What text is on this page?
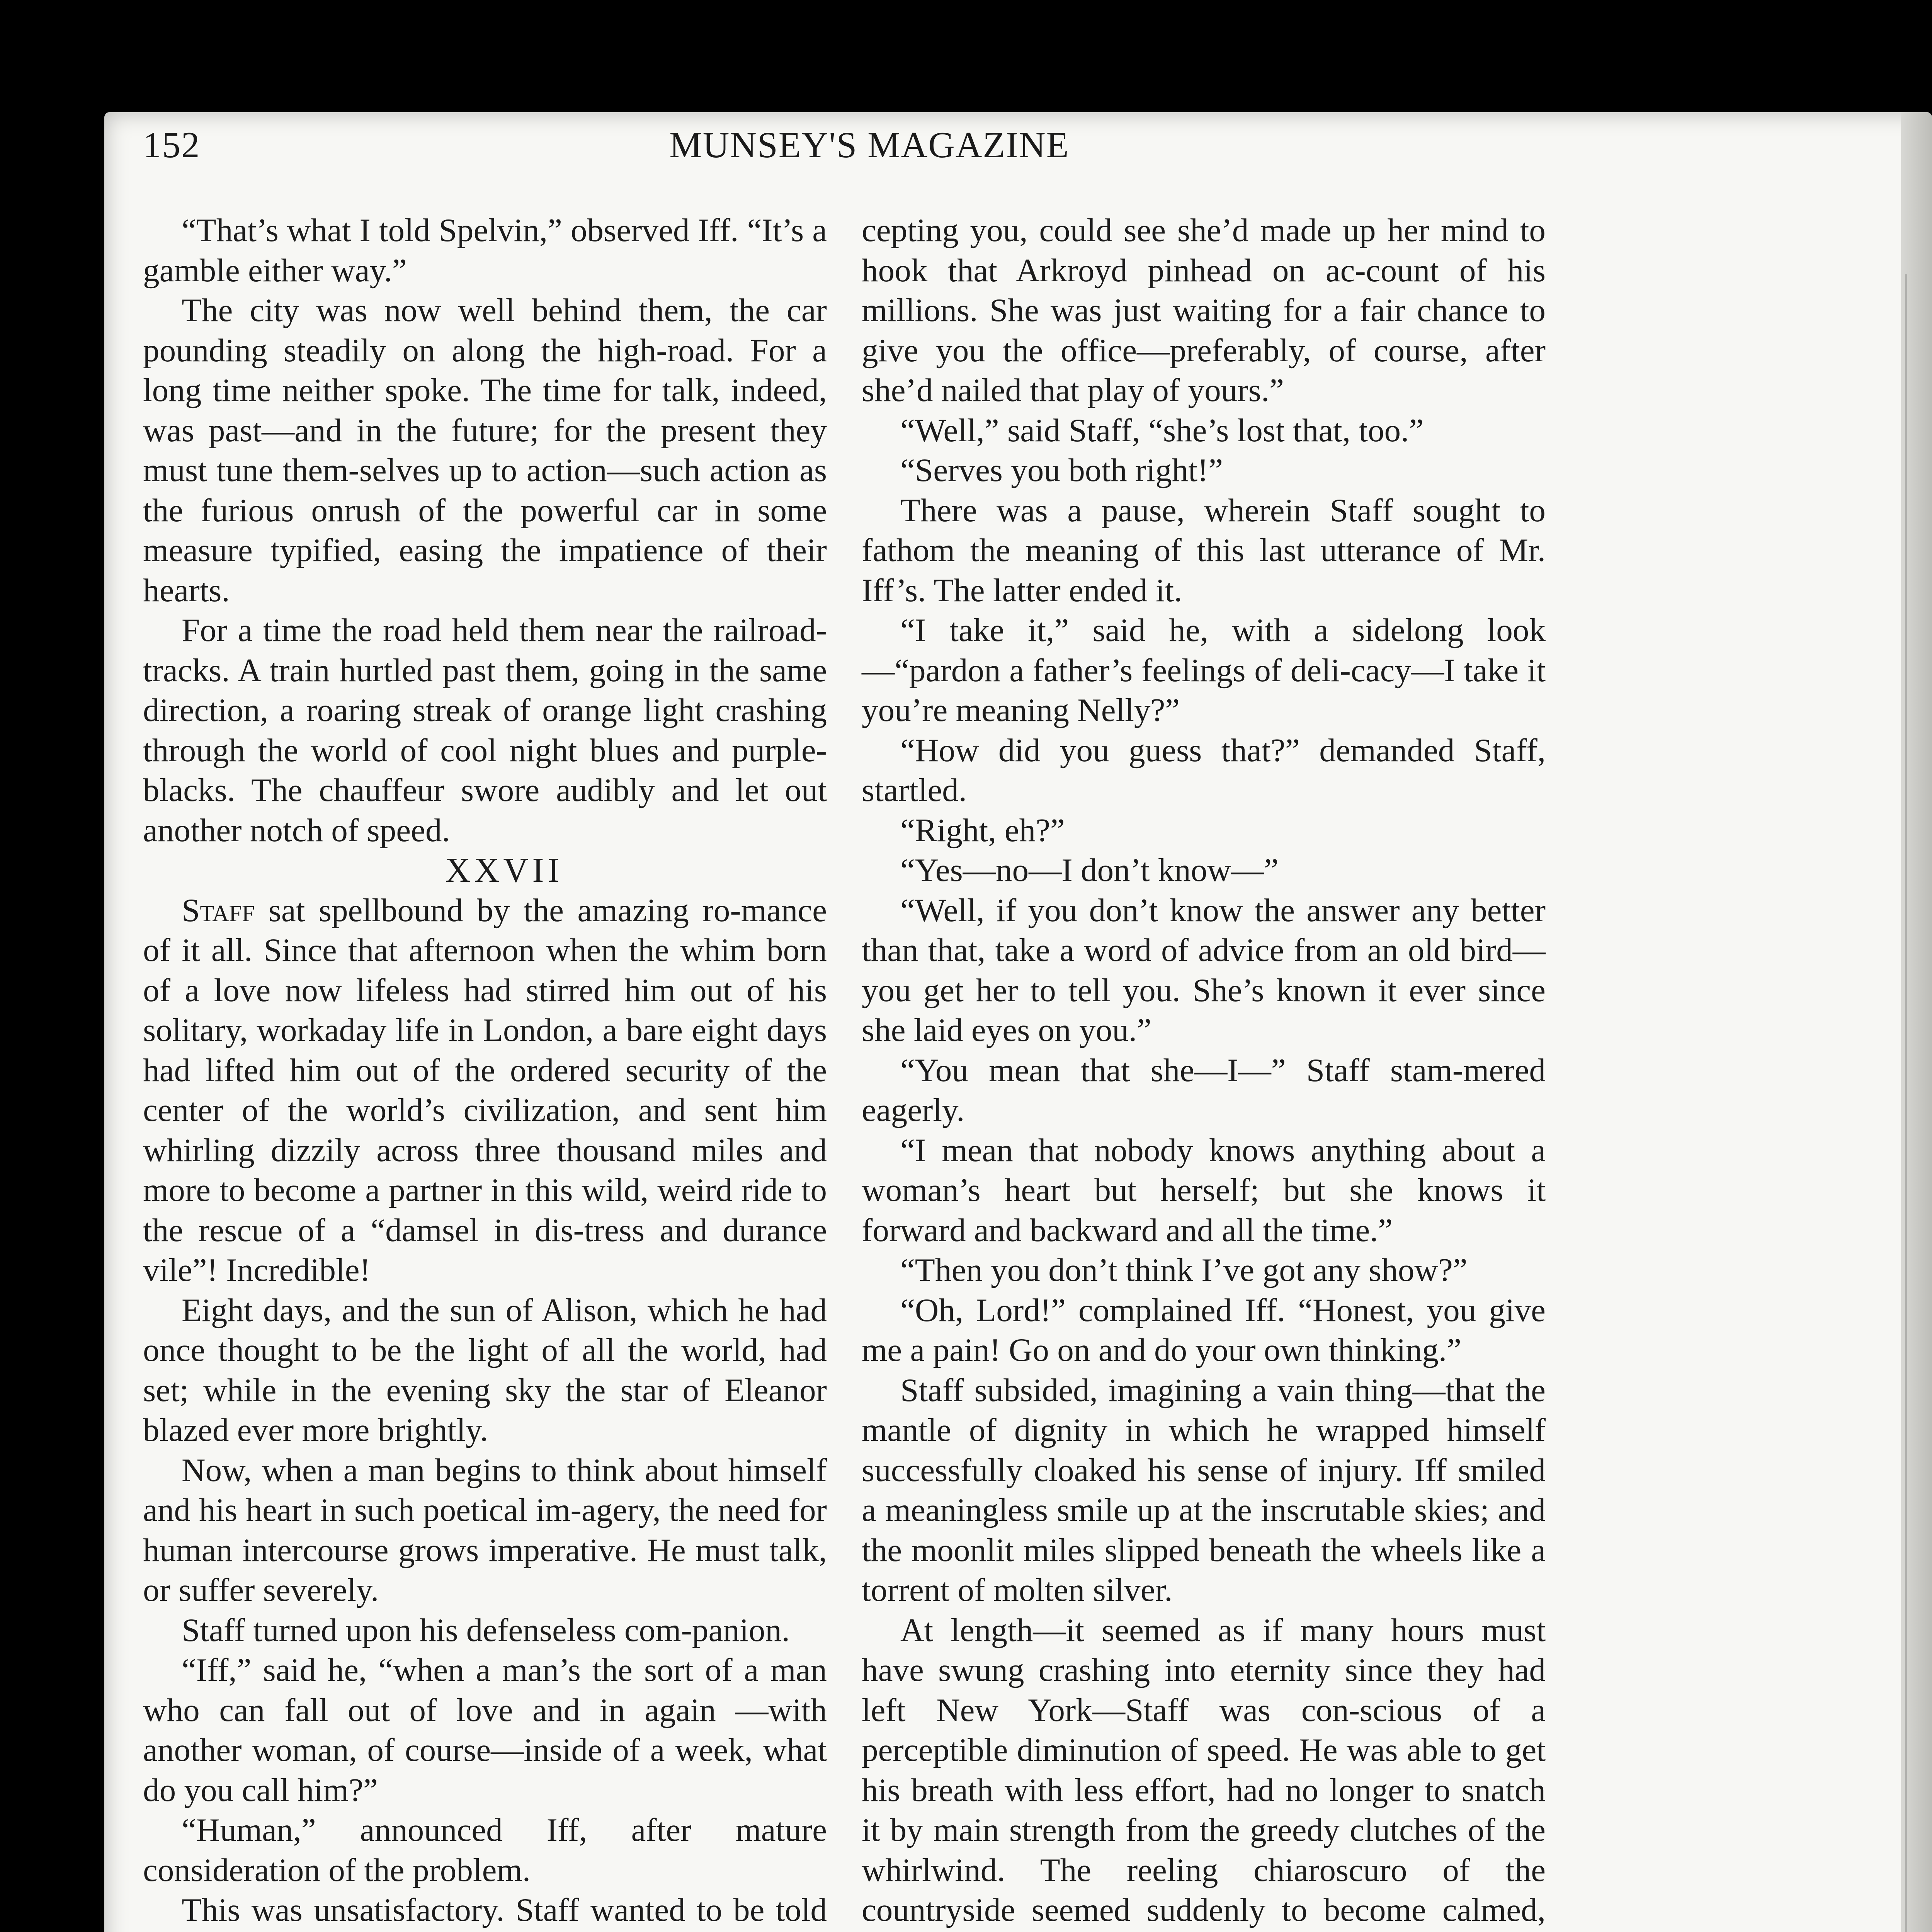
152	MUNSEY'S MAGAZINE

“That’s what I told Spelvin,” observed Iff. “It’s a gamble either way.”

The city was now well behind them, the car pounding steadily on along the high-road. For a long time neither spoke. The time for talk, indeed, was past—and in the future; for the present they must tune them-selves up to action—such action as the furious onrush of the powerful car in some measure typified, easing the impatience of their hearts.

For a time the road held them near the railroad-tracks. A train hurtled past them, going in the same direction, a roaring streak of orange light crashing through the world of cool night blues and purple-blacks. The chauffeur swore audibly and let out another notch of speed.

XXVII

Staff sat spellbound by the amazing ro-mance of it all. Since that afternoon when the whim born of a love now lifeless had stirred him out of his solitary, workaday life in London, a bare eight days had lifted him out of the ordered security of the center of the world’s civilization, and sent him whirling dizzily across three thousand miles and more to become a partner in this wild, weird ride to the rescue of a “damsel in dis-tress and durance vile”! Incredible!

Eight days, and the sun of Alison, which he had once thought to be the light of all the world, had set; while in the evening sky the star of Eleanor blazed ever more brightly.

Now, when a man begins to think about himself and his heart in such poetical im-agery, the need for human intercourse grows imperative. He must talk, or suffer severely.

Staff turned upon his defenseless com-panion.

“Iff,” said he, “when a man’s the sort of a man who can fall out of love and in again —with another woman, of course—inside of a week, what do you call him?”

“Human,” announced Iff, after mature consideration of the problem.

This was unsatisfactory. Staff wanted to be told

cepting you, could see she’d made up her mind to hook that Arkroyd pinhead on ac-count of his millions. She was just waiting for a fair chance to give you the office—preferably, of course, after she’d nailed that play of yours.”

“Well,” said Staff, “she’s lost that, too.”

“Serves you both right!”

There was a pause, wherein Staff sought to fathom the meaning of this last utterance of Mr. Iff’s. The latter ended it.

“I take it,” said he, with a sidelong look—“pardon a father’s feelings of deli-cacy—I take it you’re meaning Nelly?”

“How did you guess that?” demanded Staff, startled.

“Right, eh?”

“Yes—no—I don’t know—”

“Well, if you don’t know the answer any better than that, take a word of advice from an old bird—you get her to tell you. She’s known it ever since she laid eyes on you.”

“You mean that she—I—” Staff stam-mered eagerly.

“I mean that nobody knows anything about a woman’s heart but herself; but she knows it forward and backward and all the time.”

“Then you don’t think I’ve got any show?”

“Oh, Lord!” complained Iff. “Honest, you give me a pain! Go on and do your own thinking.”

Staff subsided, imagining a vain thing—that the mantle of dignity in which he wrapped himself successfully cloaked his sense of injury. Iff smiled a meaningless smile up at the inscrutable skies; and the moonlit miles slipped beneath the wheels like a torrent of molten silver.

At length—it seemed as if many hours must have swung crashing into eternity since they had left New York—Staff was con-scious of a perceptible diminution of speed. He was able to get his breath with less effort, had no longer to snatch it by main strength from the greedy clutches of the whirlwind. The reeling chiaroscuro of the countryside seemed suddenly to become calmed,
